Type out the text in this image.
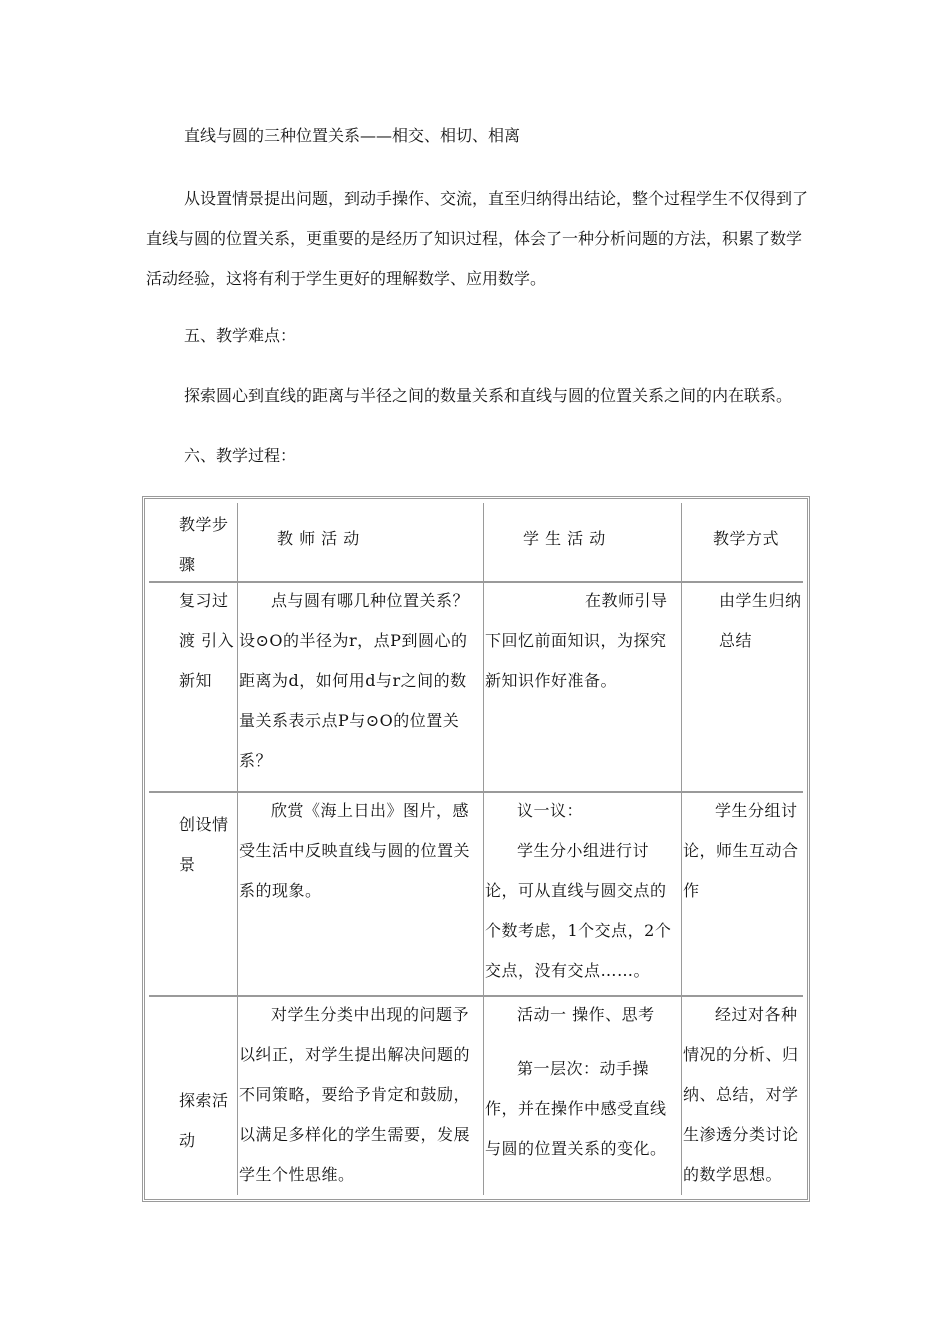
直线与圆的三种位置关系——相交、相切、相离

从设置情景提出问题，到动手操作、交流，直至归纳得出结论，整个过程学生不仅得到了直线与圆的位置关系，更重要的是经历了知识过程，体会了一种分析问题的方法，积累了数学活动经验，这将有利于学生更好的理解数学、应用数学。

五、教学难点：

探索圆心到直线的距离与半径之间的数量关系和直线与圆的位置关系之间的内在联系。

六、教学过程：

教学步骤
教 师 活 动	学 生 活 动	教学方式
复习过渡 引入新知
点与圆有哪几种位置关系？设⊙O的半径为r，点P到圆心的距离为d，如何用d与r之间的数量关系表示点P与⊙O的位置关系？
在教师引导下回忆前面知识，为探究新知识作好准备。
由学生归纳总结
创设情景
欣赏《海上日出》图片，感受生活中反映直线与圆的位置关系的现象。
议一议：
学生分小组进行讨论，可从直线与圆交点的个数考虑，1个交点，2个交点，没有交点……。
学生分组讨论，师生互动合作
探索活动
对学生分类中出现的问题予以纠正，对学生提出解决问题的不同策略，要给予肯定和鼓励，以满足多样化的学生需要，发展学生个性思维。
活动一 操作、思考
第一层次：动手操作，并在操作中感受直线与圆的位置关系的变化。
经过对各种情况的分析、归纳、总结，对学生渗透分类讨论的数学思想。
